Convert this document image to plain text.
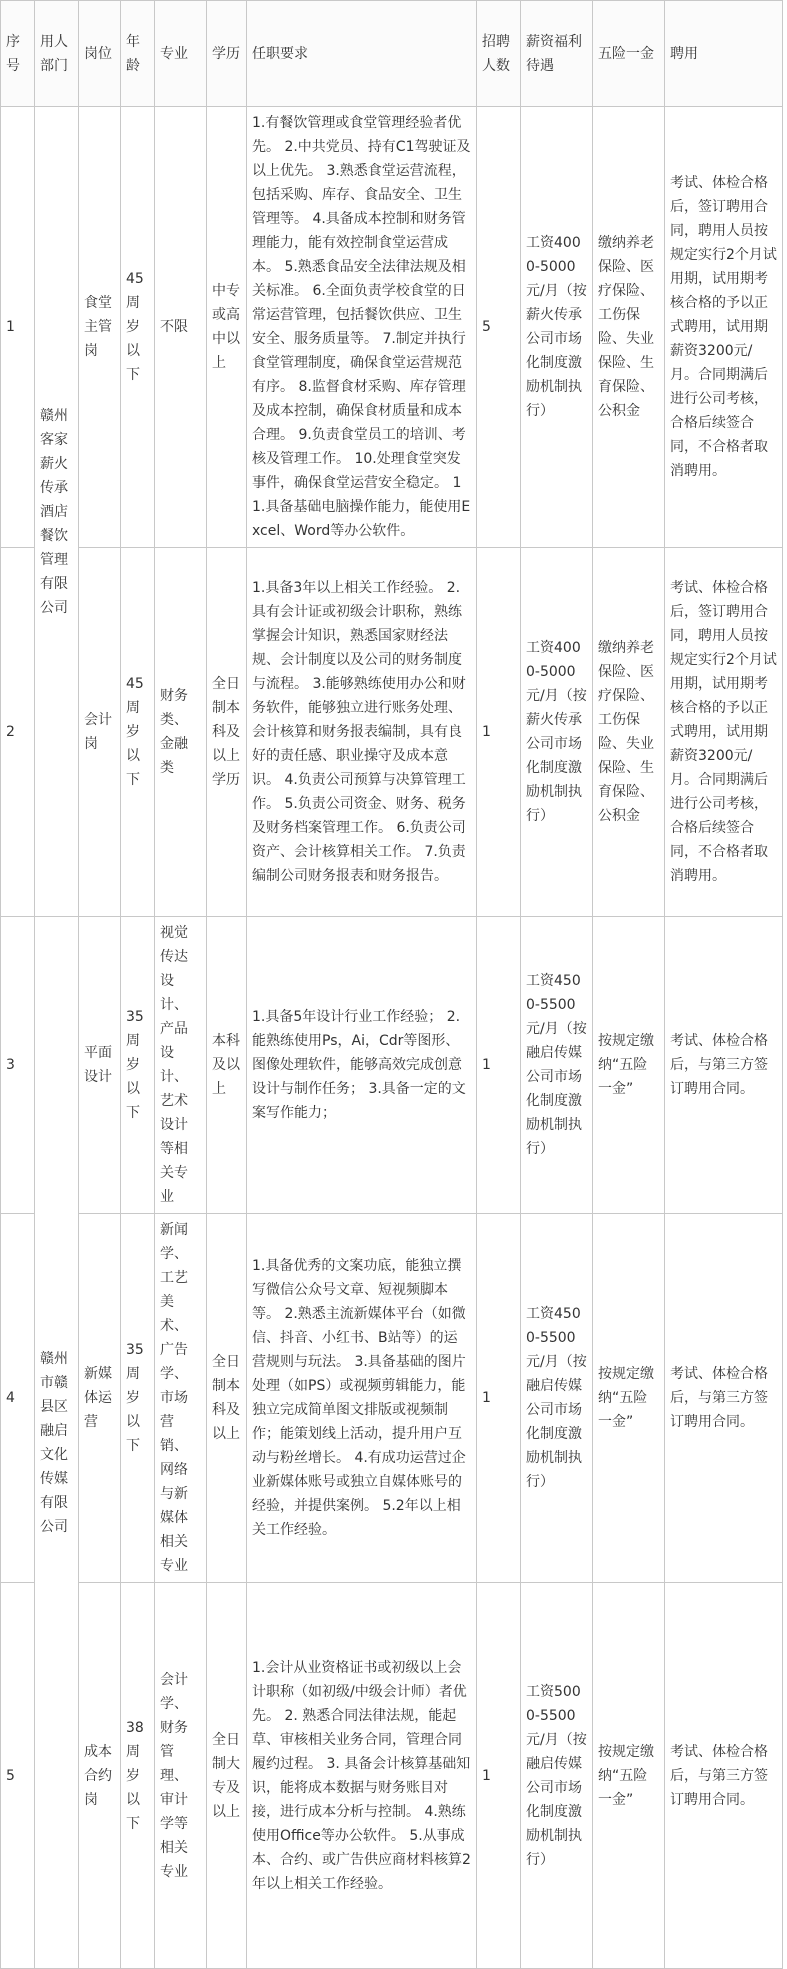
序号	用人部门	岗位	年龄	专业	学历	任职要求	招聘人数	薪资福利待遇	五险一金	聘用
1	赣州客家薪火传承酒店餐饮管理有限公司	食堂主管岗	45周岁以下	不限	中专或高中以上	1.有餐饮管理或食堂管理经验者优先。 2.中共党员、持有C1驾驶证及以上优先。 3.熟悉食堂运营流程，包括采购、库存、食品安全、卫生管理等。 4.具备成本控制和财务管理能力，能有效控制食堂运营成本。 5.熟悉食品安全法律法规及相关标准。 6.全面负责学校食堂的日常运营管理，包括餐饮供应、卫生安全、服务质量等。 7.制定并执行食堂管理制度，确保食堂运营规范有序。 8.监督食材采购、库存管理及成本控制，确保食材质量和成本合理。 9.负责食堂员工的培训、考核及管理工作。 10.处理食堂突发事件，确保食堂运营安全稳定。 11.具备基础电脑操作能力，能使用Excel、Word等办公软件。	5	工资4000-5000元/月（按薪火传承公司市场化制度激励机制执行）	缴纳养老保险、医疗保险、工伤保险、失业保险、生育保险、公积金	考试、体检合格后，签订聘用合同，聘用人员按规定实行2个月试用期，试用期考核合格的予以正式聘用，试用期薪资3200元/月。合同期满后进行公司考核，合格后续签合同，不合格者取消聘用。
2		会计岗	45周岁以下	财务类、金融类	全日制本科及以上学历	1.具备3年以上相关工作经验。 2.具有会计证或初级会计职称，熟练掌握会计知识，熟悉国家财经法规、会计制度以及公司的财务制度与流程。 3.能够熟练使用办公和财务软件，能够独立进行账务处理、会计核算和财务报表编制，具有良好的责任感、职业操守及成本意识。 4.负责公司预算与决算管理工作。 5.负责公司资金、财务、税务及财务档案管理工作。 6.负责公司资产、会计核算相关工作。 7.负责编制公司财务报表和财务报告。	1	工资4000-5000元/月（按薪火传承公司市场化制度激励机制执行）	缴纳养老保险、医疗保险、工伤保险、失业保险、生育保险、公积金	考试、体检合格后，签订聘用合同，聘用人员按规定实行2个月试用期，试用期考核合格的予以正式聘用，试用期薪资3200元/月。合同期满后进行公司考核，合格后续签合同，不合格者取消聘用。
3	赣州市赣县区融启文化传媒有限公司	平面设计	35周岁以下	视觉传达设计、产品设计、艺术设计等相关专业	本科及以上	1.具备5年设计行业工作经验； 2.能熟练使用Ps，Ai，Cdr等图形、图像处理软件，能够高效完成创意设计与制作任务； 3.具备一定的文案写作能力；	1	工资4500-5500元/月（按融启传媒公司市场化制度激励机制执行）	按规定缴纳“五险一金”	考试、体检合格后，与第三方签订聘用合同。
4		新媒体运营	35周岁以下	新闻学、工艺美术、广告学、市场营销、网络与新媒体相关专业	全日制本科及以上	1.具备优秀的文案功底，能独立撰写微信公众号文章、短视频脚本等。 2.熟悉主流新媒体平台（如微信、抖音、小红书、B站等）的运营规则与玩法。 3.具备基础的图片处理（如PS）或视频剪辑能力，能独立完成简单图文排版或视频制作；能策划线上活动，提升用户互动与粉丝增长。 4.有成功运营过企业新媒体账号或独立自媒体账号的经验，并提供案例。 5.2年以上相关工作经验。	1	工资4500-5500元/月（按融启传媒公司市场化制度激励机制执行）	按规定缴纳“五险一金”	考试、体检合格后，与第三方签订聘用合同。
5		成本合约岗	38周岁以下	会计学、财务管理、审计学等相关专业	全日制大专及以上	1.会计从业资格证书或初级以上会计职称（如初级/中级会计师）者优先。 2. 熟悉合同法律法规，能起草、审核相关业务合同，管理合同履约过程。 3. 具备会计核算基础知识，能将成本数据与财务账目对接，进行成本分析与控制。 4.熟练使用Office等办公软件。 5.从事成本、合约、或广告供应商材料核算2年以上相关工作经验。	1	工资5000-5500元/月（按融启传媒公司市场化制度激励机制执行）	按规定缴纳“五险一金”	考试、体检合格后，与第三方签订聘用合同。
